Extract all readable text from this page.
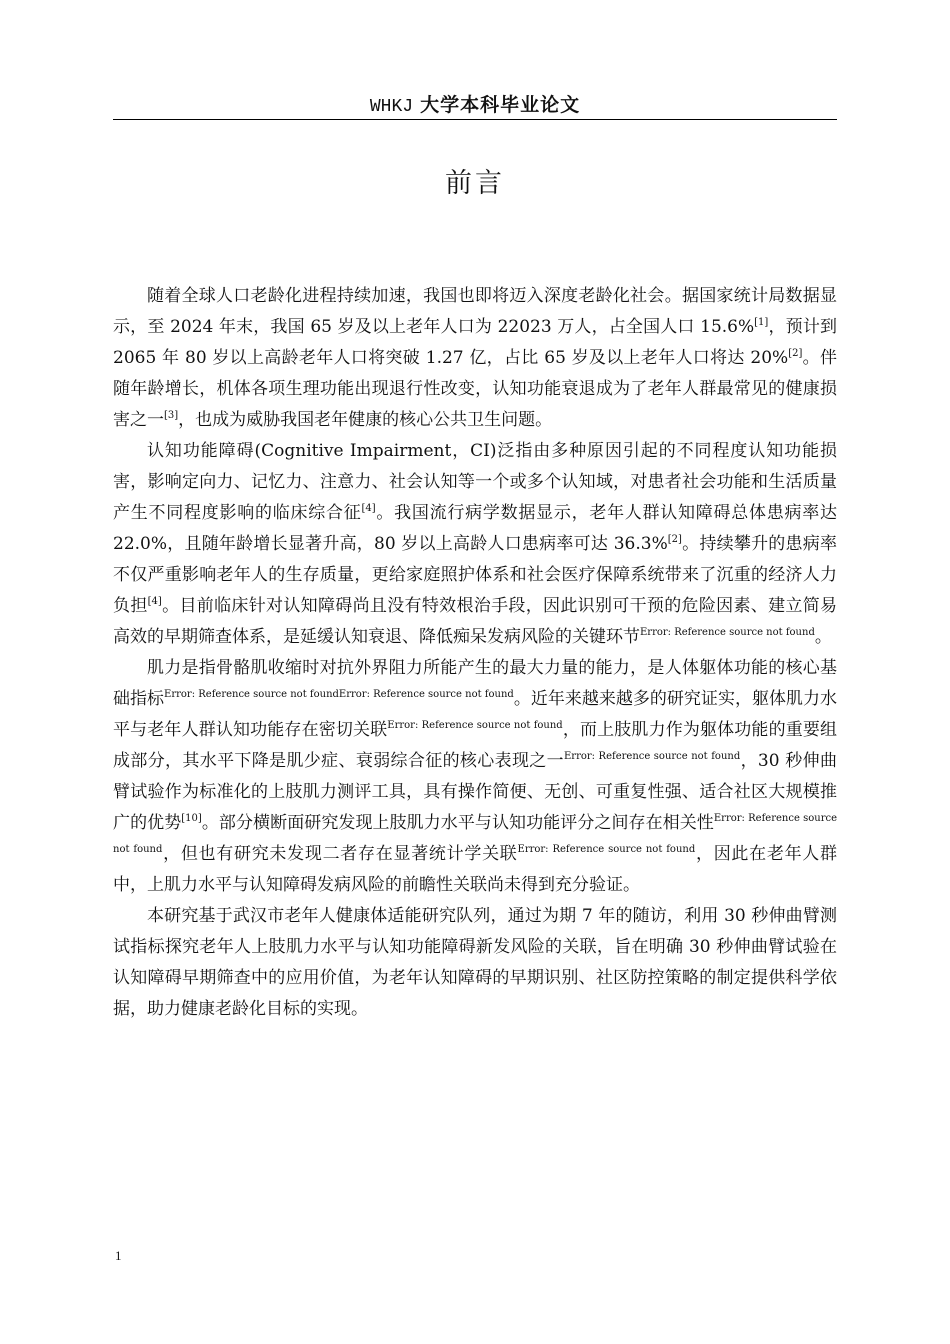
WHKJ 大学本科毕业论文
前言

随着全球人口老龄化进程持续加速，我国也即将迈入深度老龄化社会。据国家统计局数据显示，至 2024 年末，我国 65 岁及以上老年人口为 22023 万人，占全国人口 15.6%[1]，预计到 2065 年 80 岁以上高龄老年人口将突破 1.27 亿，占比 65 岁及以上老年人口将达 20%[2]。伴随年龄增长，机体各项生理功能出现退行性改变，认知功能衰退成为了老年人群最常见的健康损害之一[3]，也成为威胁我国老年健康的核心公共卫生问题。

认知功能障碍(Cognitive Impairment，CI)泛指由多种原因引起的不同程度认知功能损害，影响定向力、记忆力、注意力、社会认知等一个或多个认知域，对患者社会功能和生活质量产生不同程度影响的临床综合征[4]。我国流行病学数据显示，老年人群认知障碍总体患病率达 22.0%，且随年龄增长显著升高，80 岁以上高龄人口患病率可达 36.3%[2]。持续攀升的患病率不仅严重影响老年人的生存质量，更给家庭照护体系和社会医疗保障系统带来了沉重的经济人力负担[4]。目前临床针对认知障碍尚且没有特效根治手段，因此识别可干预的危险因素、建立简易高效的早期筛查体系，是延缓认知衰退、降低痴呆发病风险的关键环节$^{Error: Reference source not found}$。

肌力是指骨骼肌收缩时对抗外界阻力所能产生的最大力量的能力，是人体躯体功能的核心基础指标$^{Error: Reference source not foundError: Reference source not found}$。近年来越来越多的研究证实，躯体肌力水平与老年人群认知功能存在密切关联$^{Error: Reference source not found}$，而上肢肌力作为躯体功能的重要组成部分，其水平下降是肌少症、衰弱综合征的核心表现之一$^{Error: Reference source not found}$，30 秒伸曲臂试验作为标准化的上肢肌力测评工具，具有操作简便、无创、可重复性强、适合社区大规模推广的优势[10]。部分横断面研究发现上肢肌力水平与认知功能评分之间存在相关性$^{Error: Reference source not found}$，但也有研究未发现二者存在显著统计学关联$^{Error: Reference source not found}$，因此在老年人群中，上肌力水平与认知障碍发病风险的前瞻性关联尚未得到充分验证。

本研究基于武汉市老年人健康体适能研究队列，通过为期 7 年的随访，利用 30 秒伸曲臂测试指标探究老年人上肢肌力水平与认知功能障碍新发风险的关联，旨在明确 30 秒伸曲臂试验在认知障碍早期筛查中的应用价值，为老年认知障碍的早期识别、社区防控策略的制定提供科学依据，助力健康老龄化目标的实现。

1
